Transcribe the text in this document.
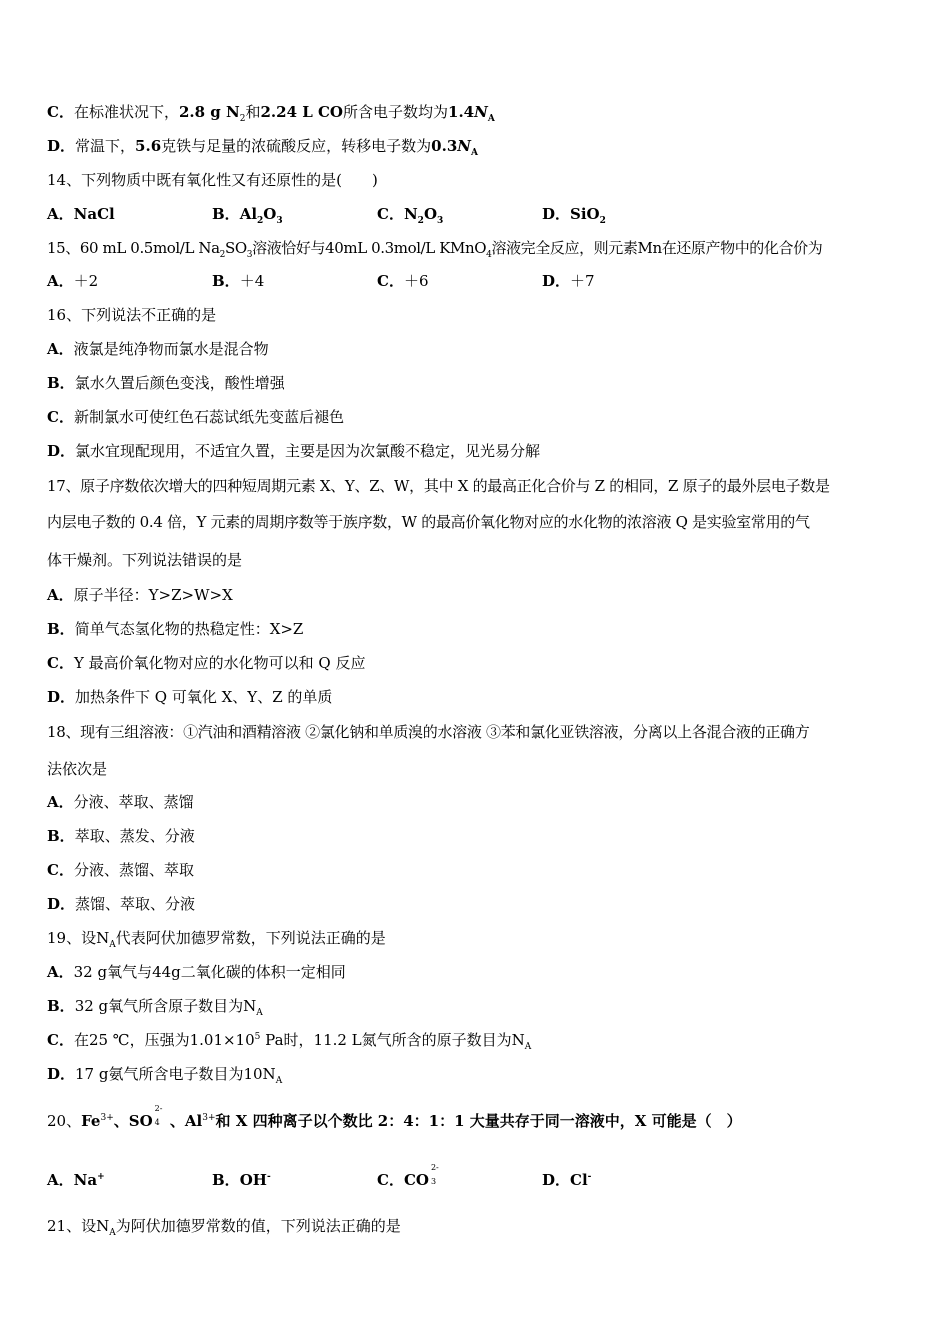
C．在标准状况下，2.8 g $N_2$和2.24 L CO所含电子数均为$1.4N_A$
D．常温下，5.6克铁与足量的浓硫酸反应，转移电子数为$0.3N_A$
14、下列物质中既有氧化性又有还原性的是(　　)
A．NaCl	B．$Al_2O_3$	C．$N_2O_3$	D．SiO$_2$
15、60 mL 0.5mol/L $Na_2SO_3$溶液恰好与40mL 0.3mol/L KMnO$_4$溶液完全反应，则元素Mn在还原产物中的化合价为
A．＋2	B．＋4	C．＋6	D．＋7
16、下列说法不正确的是
A．液氯是纯净物而氯水是混合物
B．氯水久置后颜色变浅，酸性增强
C．新制氯水可使红色石蕊试纸先变蓝后褪色
D．氯水宜现配现用，不适宜久置，主要是因为次氯酸不稳定，见光易分解
17、原子序数依次增大的四种短周期元素 X、Y、Z、W，其中 X 的最高正化合价与 Z 的相同，Z 原子的最外层电子数是
内层电子数的 0.4 倍，Y 元素的周期序数等于族序数，W 的最高价氧化物对应的水化物的浓溶液 Q 是实验室常用的气
体干燥剂。下列说法错误的是
A．原子半径：Y>Z>W>X
B．简单气态氢化物的热稳定性：X>Z
C．Y 最高价氧化物对应的水化物可以和 Q 反应
D．加热条件下 Q 可氧化 X、Y、Z 的单质
18、现有三组溶液：①汽油和酒精溶液 ②氯化钠和单质溴的水溶液 ③苯和氯化亚铁溶液，分离以上各混合液的正确方
法依次是
A．分液、萃取、蒸馏
B．萃取、蒸发、分液
C．分液、蒸馏、萃取
D．蒸馏、萃取、分液
19、设$N_A$代表阿伏加德罗常数，下列说法正确的是
A．32 g氧气与44g二氧化碳的体积一定相同
B．32 g氧气所含原子数目为$N_A$
C．在25 ℃，压强为$1.01\times 10^5$ Pa时，11.2 L氮气所含的原子数目为$N_A$
D．17 g氨气所含电子数目为$10N_A$
20、$Fe^{3+}$、SO
2-
4 、$Al^{3+}$和 X 四种离子以个数比 2：4：1：1 大量共存于同一溶液中，X 可能是（　）
A．Na+	B．OH-	C．CO
2-
3	D．Cl-
21、设$N_A$为阿伏加德罗常数的值，下列说法正确的是
